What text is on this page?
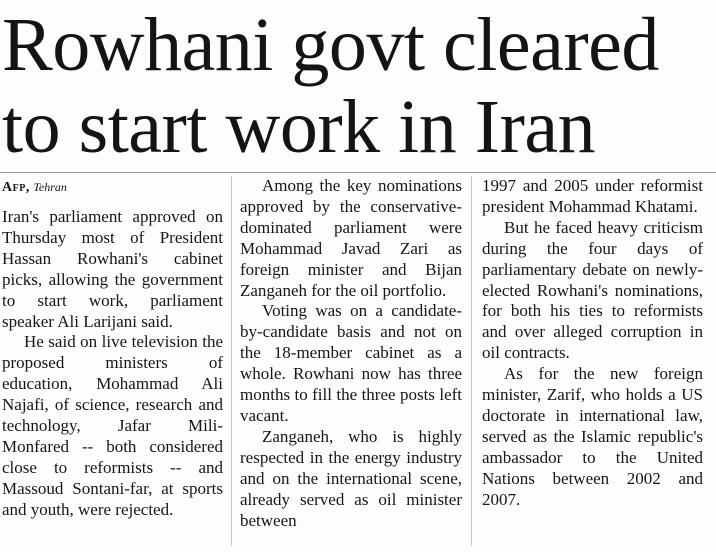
Rowhani govt cleared
to start work in Iran
Afp, Tehran

Iran's parliament approved on Thursday most of President Hassan Rowhani's cabinet picks, allowing the government to start work, parliament speaker Ali Larijani said.

He said on live television the proposed ministers of education, Mohammad Ali Najafi, of science, research and technology, Jafar Mili-Monfared -- both considered close to reformists -- and Massoud Sontani-far, at sports and youth, were rejected.

Among the key nominations approved by the conservative-dominated parliament were Mohammad Javad Zari as foreign minister and Bijan Zanganeh for the oil portfolio.

Voting was on a candidate-by-candidate basis and not on the 18-member cabinet as a whole. Rowhani now has three months to fill the three posts left vacant.

Zanganeh, who is highly respected in the energy industry and on the international scene, already served as oil minister between

1997 and 2005 under reformist president Mohammad Khatami.

But he faced heavy criticism during the four days of parliamentary debate on newly-elected Rowhani's nominations, for both his ties to reformists and over alleged corruption in oil contracts.

As for the new foreign minister, Zarif, who holds a US doctorate in international law, served as the Islamic republic's ambassador to the United Nations between 2002 and 2007.
